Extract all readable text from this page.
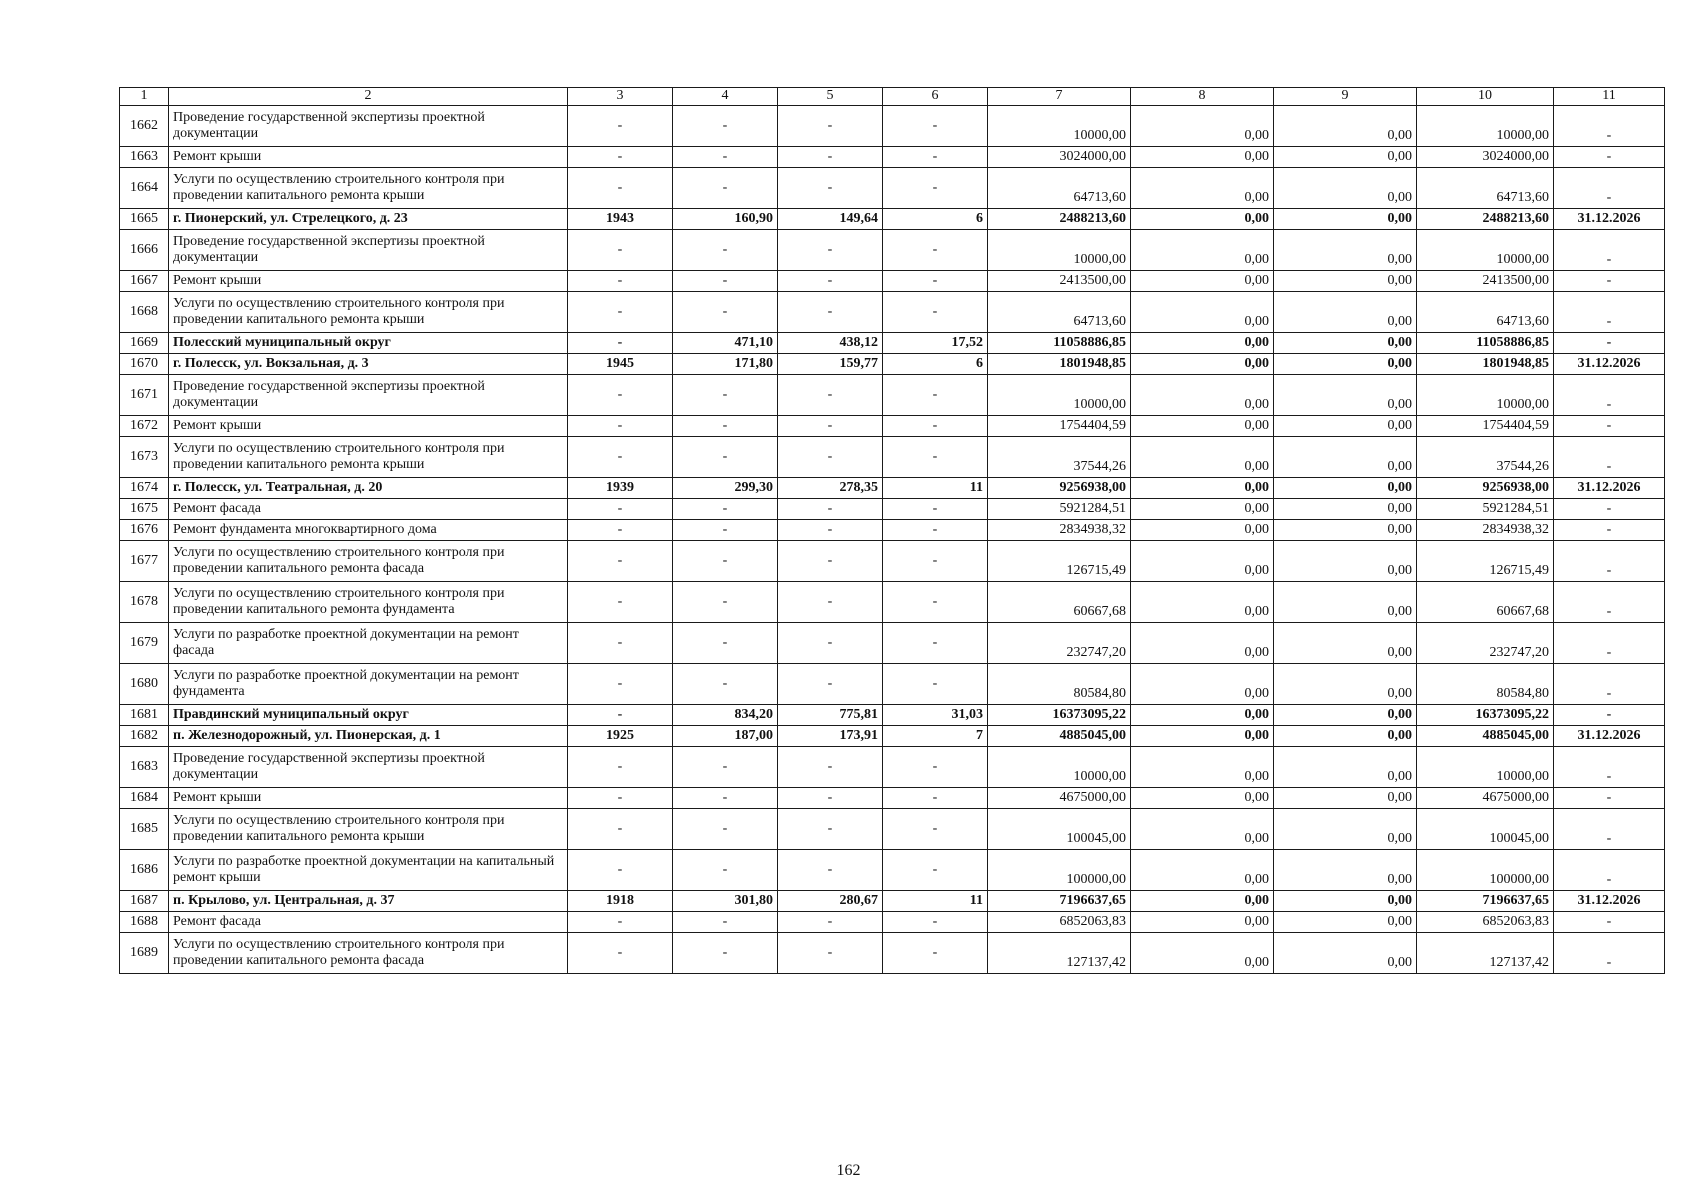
1	2	3	4	5	6	7	8	9	10	11
1662	Проведение государственной экспертизы проектной документации	-	-	-	-	10000,00	0,00	0,00	10000,00	-
1663	Ремонт крыши	-	-	-	-	3024000,00	0,00	0,00	3024000,00	-
1664	Услуги по осуществлению строительного контроля при проведении капитального ремонта крыши	-	-	-	-	64713,60	0,00	0,00	64713,60	-
1665	г. Пионерский, ул. Стрелецкого, д. 23	1943	160,90	149,64	6	2488213,60	0,00	0,00	2488213,60	31.12.2026
1666	Проведение государственной экспертизы проектной документации	-	-	-	-	10000,00	0,00	0,00	10000,00	-
1667	Ремонт крыши	-	-	-	-	2413500,00	0,00	0,00	2413500,00	-
1668	Услуги по осуществлению строительного контроля при проведении капитального ремонта крыши	-	-	-	-	64713,60	0,00	0,00	64713,60	-
1669	Полесский муниципальный округ	-	471,10	438,12	17,52	11058886,85	0,00	0,00	11058886,85	-
1670	г. Полесск, ул. Вокзальная, д. 3	1945	171,80	159,77	6	1801948,85	0,00	0,00	1801948,85	31.12.2026
1671	Проведение государственной экспертизы проектной документации	-	-	-	-	10000,00	0,00	0,00	10000,00	-
1672	Ремонт крыши	-	-	-	-	1754404,59	0,00	0,00	1754404,59	-
1673	Услуги по осуществлению строительного контроля при проведении капитального ремонта крыши	-	-	-	-	37544,26	0,00	0,00	37544,26	-
1674	г. Полесск, ул. Театральная, д. 20	1939	299,30	278,35	11	9256938,00	0,00	0,00	9256938,00	31.12.2026
1675	Ремонт фасада	-	-	-	-	5921284,51	0,00	0,00	5921284,51	-
1676	Ремонт фундамента многоквартирного дома	-	-	-	-	2834938,32	0,00	0,00	2834938,32	-
1677	Услуги по осуществлению строительного контроля при проведении капитального ремонта фасада	-	-	-	-	126715,49	0,00	0,00	126715,49	-
1678	Услуги по осуществлению строительного контроля при проведении капитального ремонта фундамента	-	-	-	-	60667,68	0,00	0,00	60667,68	-
1679	Услуги по разработке проектной документации на ремонт фасада	-	-	-	-	232747,20	0,00	0,00	232747,20	-
1680	Услуги по разработке проектной документации на ремонт фундамента	-	-	-	-	80584,80	0,00	0,00	80584,80	-
1681	Правдинский муниципальный округ	-	834,20	775,81	31,03	16373095,22	0,00	0,00	16373095,22	-
1682	п. Железнодорожный, ул. Пионерская, д. 1	1925	187,00	173,91	7	4885045,00	0,00	0,00	4885045,00	31.12.2026
1683	Проведение государственной экспертизы проектной документации	-	-	-	-	10000,00	0,00	0,00	10000,00	-
1684	Ремонт крыши	-	-	-	-	4675000,00	0,00	0,00	4675000,00	-
1685	Услуги по осуществлению строительного контроля при проведении капитального ремонта крыши	-	-	-	-	100045,00	0,00	0,00	100045,00	-
1686	Услуги по разработке проектной документации на капитальный ремонт крыши	-	-	-	-	100000,00	0,00	0,00	100000,00	-
1687	п. Крылово, ул. Центральная, д. 37	1918	301,80	280,67	11	7196637,65	0,00	0,00	7196637,65	31.12.2026
1688	Ремонт фасада	-	-	-	-	6852063,83	0,00	0,00	6852063,83	-
1689	Услуги по осуществлению строительного контроля при проведении капитального ремонта фасада	-	-	-	-	127137,42	0,00	0,00	127137,42	-
162
